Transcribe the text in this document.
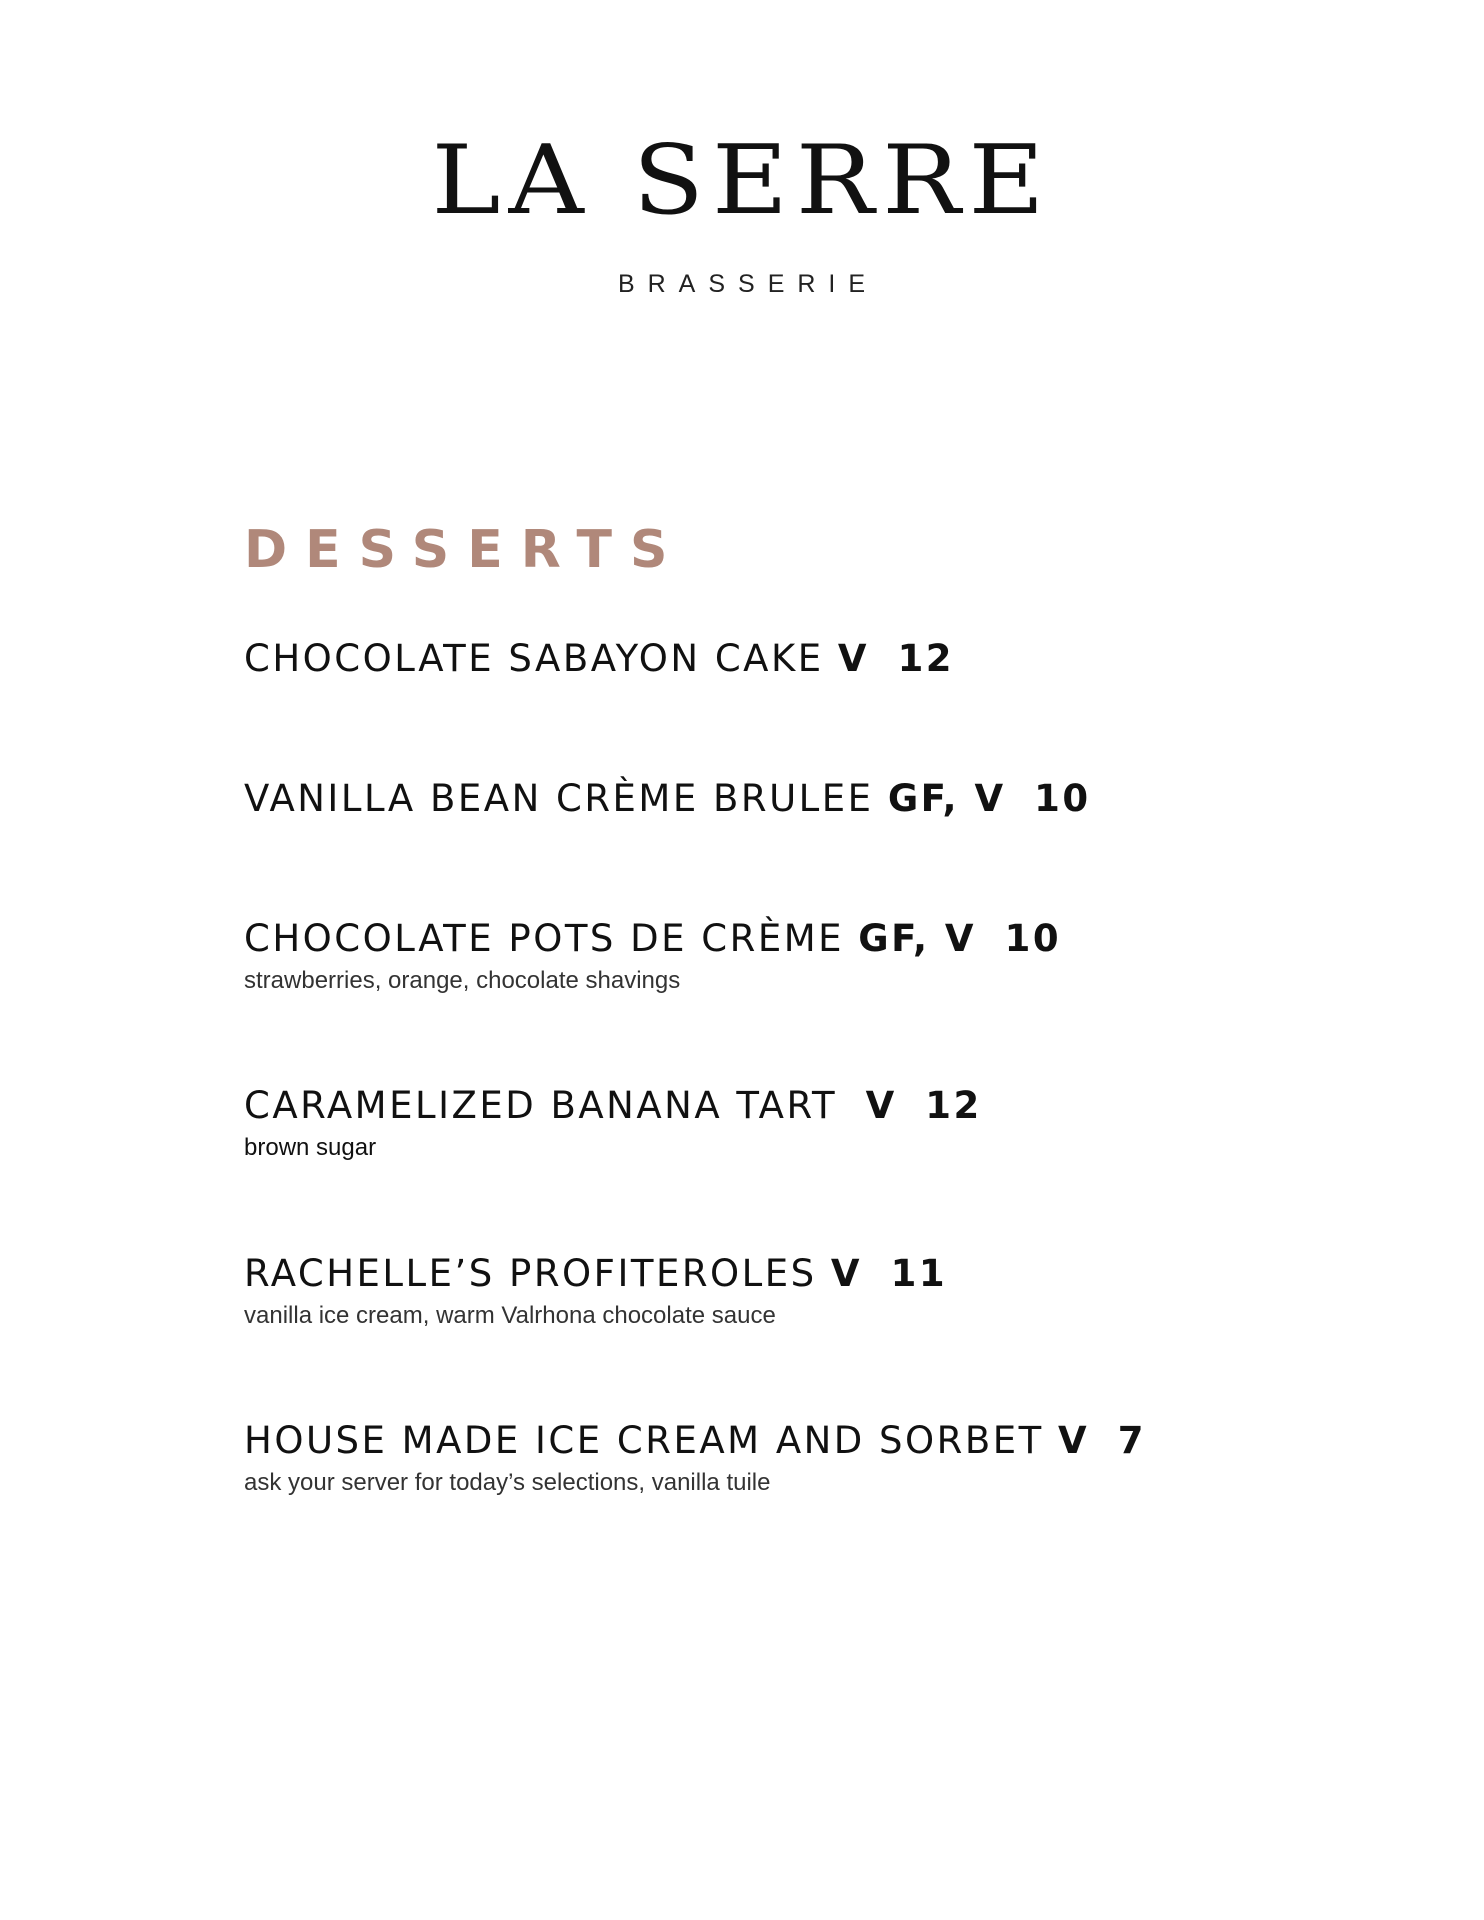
LA SERRE
BRASSERIE
DESSERTS
CHOCOLATE SABAYON CAKE V 12
VANILLA BEAN CRÈME BRULEE GF, V 10
CHOCOLATE POTS DE CRÈME GF, V 10
strawberries, orange, chocolate shavings
CARAMELIZED BANANA TART V 12
brown sugar
RACHELLE’S PROFITEROLES V 11
vanilla ice cream, warm Valrhona chocolate sauce
HOUSE MADE ICE CREAM AND SORBET V 7
ask your server for today’s selections, vanilla tuile
